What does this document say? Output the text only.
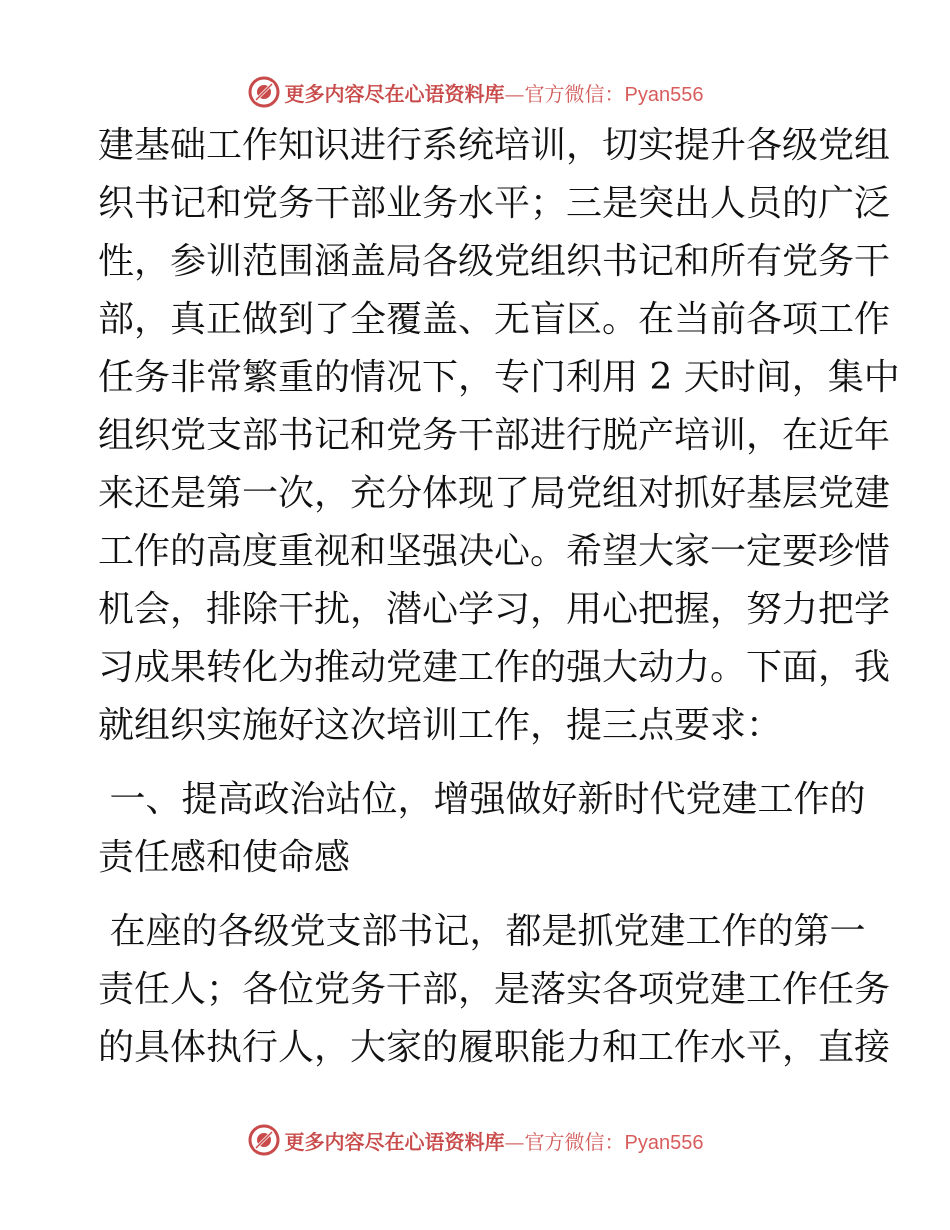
更多内容尽在心语资料库—官方微信：Pyan556
建基础工作知识进行系统培训，切实提升各级党组
织书记和党务干部业务水平；三是突出人员的广泛
性，参训范围涵盖局各级党组织书记和所有党务干
部，真正做到了全覆盖、无盲区。在当前各项工作
任务非常繁重的情况下，专门利用 2 天时间，集中
组织党支部书记和党务干部进行脱产培训，在近年
来还是第一次，充分体现了局党组对抓好基层党建
工作的高度重视和坚强决心。希望大家一定要珍惜
机会，排除干扰，潜心学习，用心把握，努力把学
习成果转化为推动党建工作的强大动力。下面，我
就组织实施好这次培训工作，提三点要求：
一、提高政治站位，增强做好新时代党建工作的
责任感和使命感
在座的各级党支部书记，都是抓党建工作的第一
责任人；各位党务干部，是落实各项党建工作任务
的具体执行人，大家的履职能力和工作水平，直接
更多内容尽在心语资料库—官方微信：Pyan556
